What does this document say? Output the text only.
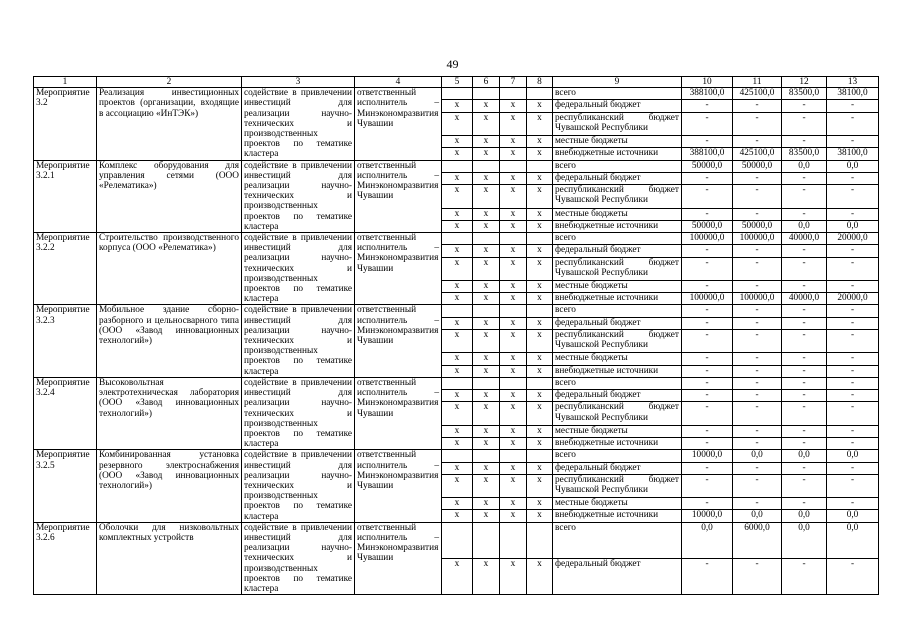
49
1	2	3	4	5	6	7	8	9	10	11	12	13
Мероприятие 3.2	Реализация инвестиционных проектов (организации, входящие в ассоциацию «ИнТЭК»)	содействие в привлечении инвестиций для реализации научно-технических и производственных проектов по тематике кластера	ответственный исполнитель – Минэкономразвития Чувашии					всего	388100,0	425100,0	83500,0	38100,0
				x	x	x	x	федеральный бюджет	-	-	-	-
				x	x	x	x	республиканский бюджет Чувашской Республики	-	-	-	-
				x	x	x	x	местные бюджеты	-	-	-	-
				x	x	x	x	внебюджетные источники	388100,0	425100,0	83500,0	38100,0
Мероприятие 3.2.1	Комплекс оборудования для управления сетями (ООО «Релематика»)	содействие в привлечении инвестиций для реализации научно-технических и производственных проектов по тематике кластера	ответственный исполнитель – Минэкономразвития Чувашии					всего	50000,0	50000,0	0,0	0,0
				x	x	x	x	федеральный бюджет	-	-	-	-
				x	x	x	x	республиканский бюджет Чувашской Республики	-	-	-	-
				x	x	x	x	местные бюджеты	-	-	-	-
				x	x	x	x	внебюджетные источники	50000,0	50000,0	0,0	0,0
Мероприятие 3.2.2	Строительство производственного корпуса (ООО «Релематика»)	содействие в привлечении инвестиций для реализации научно-технических и производственных проектов по тематике кластера	ответственный исполнитель – Минэкономразвития Чувашии					всего	100000,0	100000,0	40000,0	20000,0
				x	x	x	x	федеральный бюджет	-	-	-	-
				x	x	x	x	республиканский бюджет Чувашской Республики	-	-	-	-
				x	x	x	x	местные бюджеты	-	-	-	-
				x	x	x	x	внебюджетные источники	100000,0	100000,0	40000,0	20000,0
Мероприятие 3.2.3	Мобильное здание сборно-разборного и цельносварного типа (ООО «Завод инновационных технологий»)	содействие в привлечении инвестиций для реализации научно-технических и производственных проектов по тематике кластера	ответственный исполнитель – Минэкономразвития Чувашии					всего	-	-	-	-
				x	x	x	x	федеральный бюджет	-	-	-	-
				x	x	x	x	республиканский бюджет Чувашской Республики	-	-	-	-
				x	x	x	x	местные бюджеты	-	-	-	-
				x	x	x	x	внебюджетные источники	-	-	-	-
Мероприятие 3.2.4	Высоковольтная электротехническая лаборатория (ООО «Завод инновационных технологий»)	содействие в привлечении инвестиций для реализации научно-технических и производственных проектов по тематике кластера	ответственный исполнитель – Минэкономразвития Чувашии					всего	-	-	-	-
				x	x	x	x	федеральный бюджет	-	-	-	-
				x	x	x	x	республиканский бюджет Чувашской Республики	-	-	-	-
				x	x	x	x	местные бюджеты	-	-	-	-
				x	x	x	x	внебюджетные источники	-	-	-	-
Мероприятие 3.2.5	Комбинированная установка резервного электроснабжения (ООО «Завод инновационных технологий»)	содействие в привлечении инвестиций для реализации научно-технических и производственных проектов по тематике кластера	ответственный исполнитель – Минэкономразвития Чувашии					всего	10000,0	0,0	0,0	0,0
				x	x	x	x	федеральный бюджет	-	-	-	-
				x	x	x	x	республиканский бюджет Чувашской Республики	-	-	-	-
				x	x	x	x	местные бюджеты	-	-	-	-
				x	x	x	x	внебюджетные источники	10000,0	0,0	0,0	0,0
Мероприятие 3.2.6	Оболочки для низковольтных комплектных устройств	содействие в привлечении инвестиций для реализации научно-технических и производственных проектов по тематике кластера	ответственный исполнитель – Минэкономразвития Чувашии					всего	0,0	6000,0	0,0	0,0
				x	x	x	x	федеральный бюджет	-	-	-	-
